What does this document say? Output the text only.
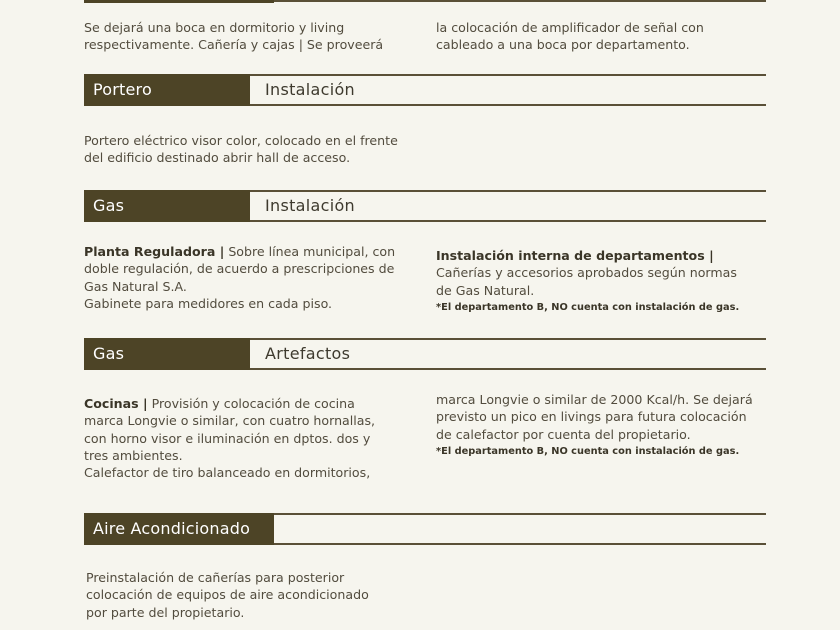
Se dejará una boca en dormitorio y living
respectivamente. Cañería y cajas | Se proveerá
la colocación de amplificador de señal con
cableado a una boca por departamento.
Portero	Instalación
Portero eléctrico visor color, colocado en el frente
del edificio destinado abrir hall de acceso.
Gas	Instalación
Planta Reguladora | Sobre línea municipal, con
doble regulación, de acuerdo a prescripciones de
Gas Natural S.A.
Gabinete para medidores en cada piso.
Instalación interna de departamentos |
Cañerías y accesorios aprobados según normas
de Gas Natural.
*El departamento B, NO cuenta con instalación de gas.
Gas	Artefactos
Cocinas | Provisión y colocación de cocina
marca Longvie o similar, con cuatro hornallas,
con horno visor e iluminación en dptos. dos y
tres ambientes.
Calefactor de tiro balanceado en dormitorios,
marca Longvie o similar de 2000 Kcal/h. Se dejará
previsto un pico en livings para futura colocación
de calefactor por cuenta del propietario.
*El departamento B, NO cuenta con instalación de gas.
Aire Acondicionado
Preinstalación de cañerías para posterior
colocación de equipos de aire acondicionado
por parte del propietario.
